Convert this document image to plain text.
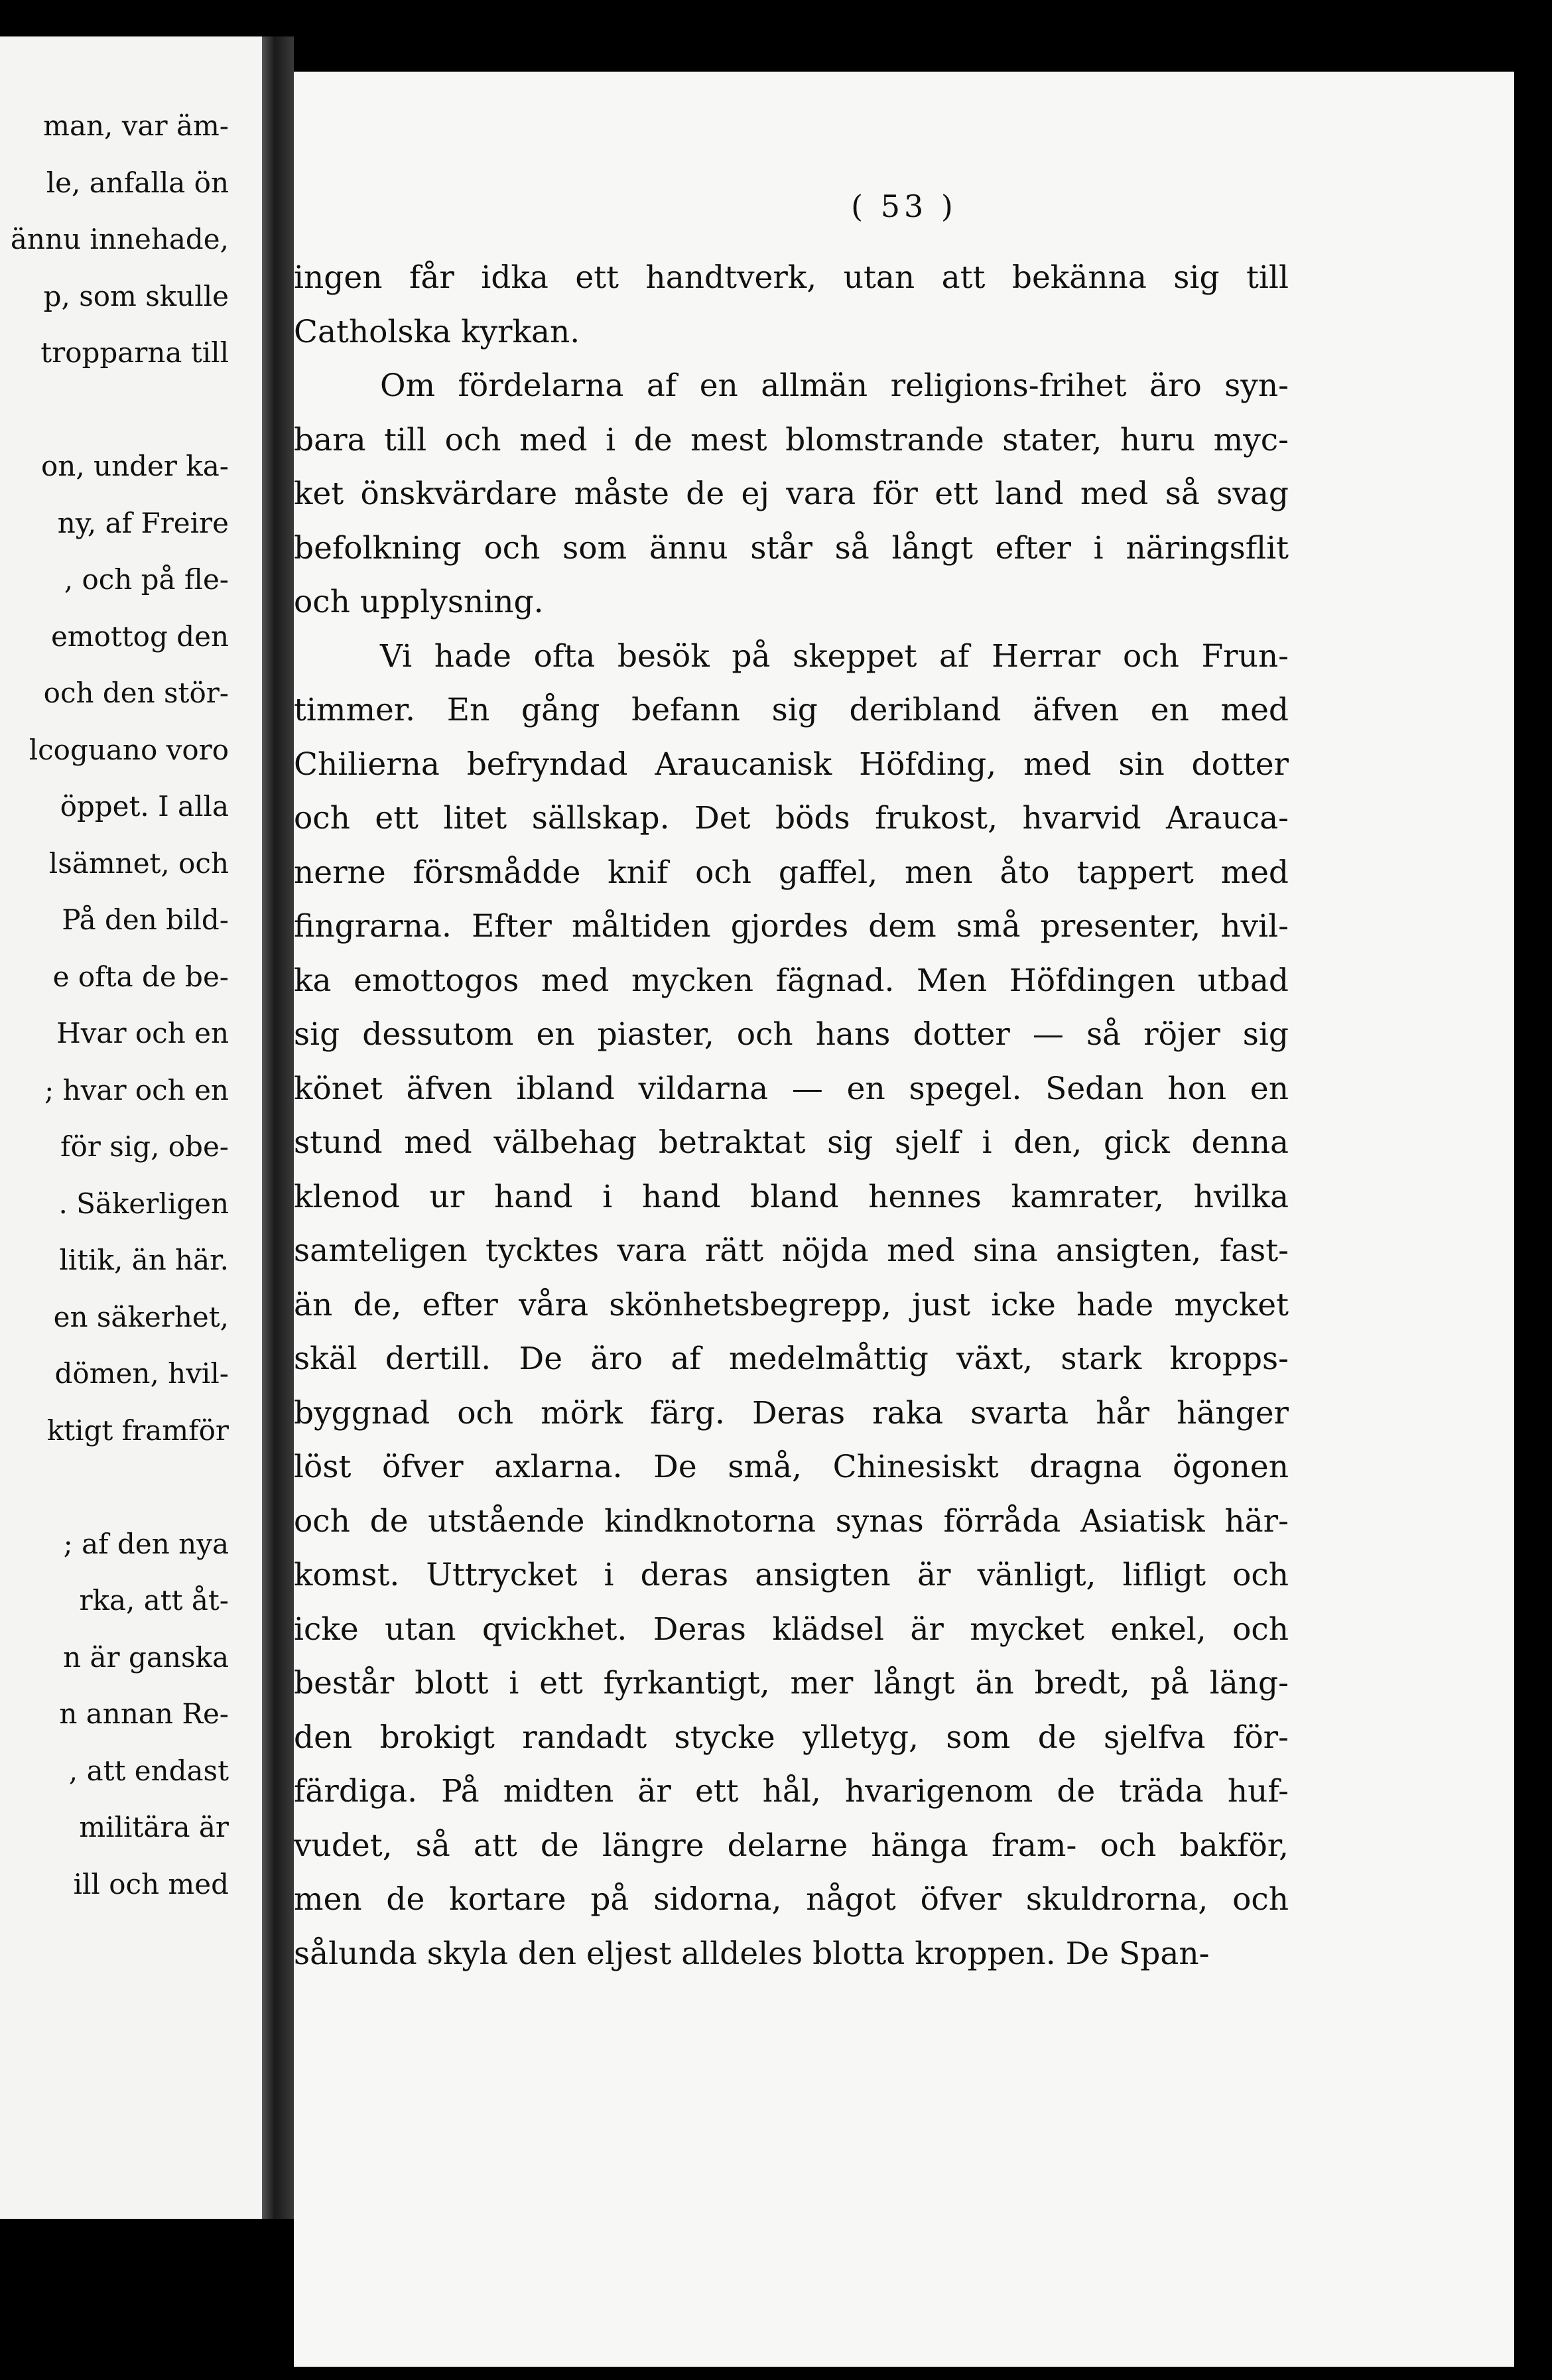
man, var äm-
le, anfalla ön
ännu innehade,
p, som skulle
tropparna till
on, under ka-
ny, af Freire
, och på fle-
emottog den
och den stör-
lcoguano voro
öppet. I alla
lsämnet, och
På den bild-
e ofta de be-
Hvar och en
; hvar och en
för sig, obe-
. Säkerligen
litik, än här.
en säkerhet,
dömen, hvil-
ktigt framför
; af den nya
rka, att åt-
n är ganska
n annan Re-
, att endast
militära är
ill och med
( 53 )
ingen får idka ett handtverk, utan att bekänna sig till
Catholska kyrkan.
Om fördelarna af en allmän religions-frihet äro syn-
bara till och med i de mest blomstrande stater, huru myc-
ket önskvärdare måste de ej vara för ett land med så svag
befolkning och som ännu står så långt efter i näringsflit
och upplysning.
Vi hade ofta besök på skeppet af Herrar och Frun-
timmer. En gång befann sig deribland äfven en med
Chilierna befryndad Araucanisk Höfding, med sin dotter
och ett litet sällskap. Det böds frukost, hvarvid Arauca-
nerne försmådde knif och gaffel, men åto tappert med
fingrarna. Efter måltiden gjordes dem små presenter, hvil-
ka emottogos med mycken fägnad. Men Höfdingen utbad
sig dessutom en piaster, och hans dotter — så röjer sig
könet äfven ibland vildarna — en spegel. Sedan hon en
stund med välbehag betraktat sig sjelf i den, gick denna
klenod ur hand i hand bland hennes kamrater, hvilka
samteligen tycktes vara rätt nöjda med sina ansigten, fast-
än de, efter våra skönhetsbegrepp, just icke hade mycket
skäl dertill. De äro af medelmåttig växt, stark kropps-
byggnad och mörk färg. Deras raka svarta hår hänger
löst öfver axlarna. De små, Chinesiskt dragna ögonen
och de utstående kindknotorna synas förråda Asiatisk här-
komst. Uttrycket i deras ansigten är vänligt, lifligt och
icke utan qvickhet. Deras klädsel är mycket enkel, och
består blott i ett fyrkantigt, mer långt än bredt, på läng-
den brokigt randadt stycke ylletyg, som de sjelfva för-
färdiga. På midten är ett hål, hvarigenom de träda huf-
vudet, så att de längre delarne hänga fram- och bakför,
men de kortare på sidorna, något öfver skuldrorna, och
sålunda skyla den eljest alldeles blotta kroppen. De Span-
